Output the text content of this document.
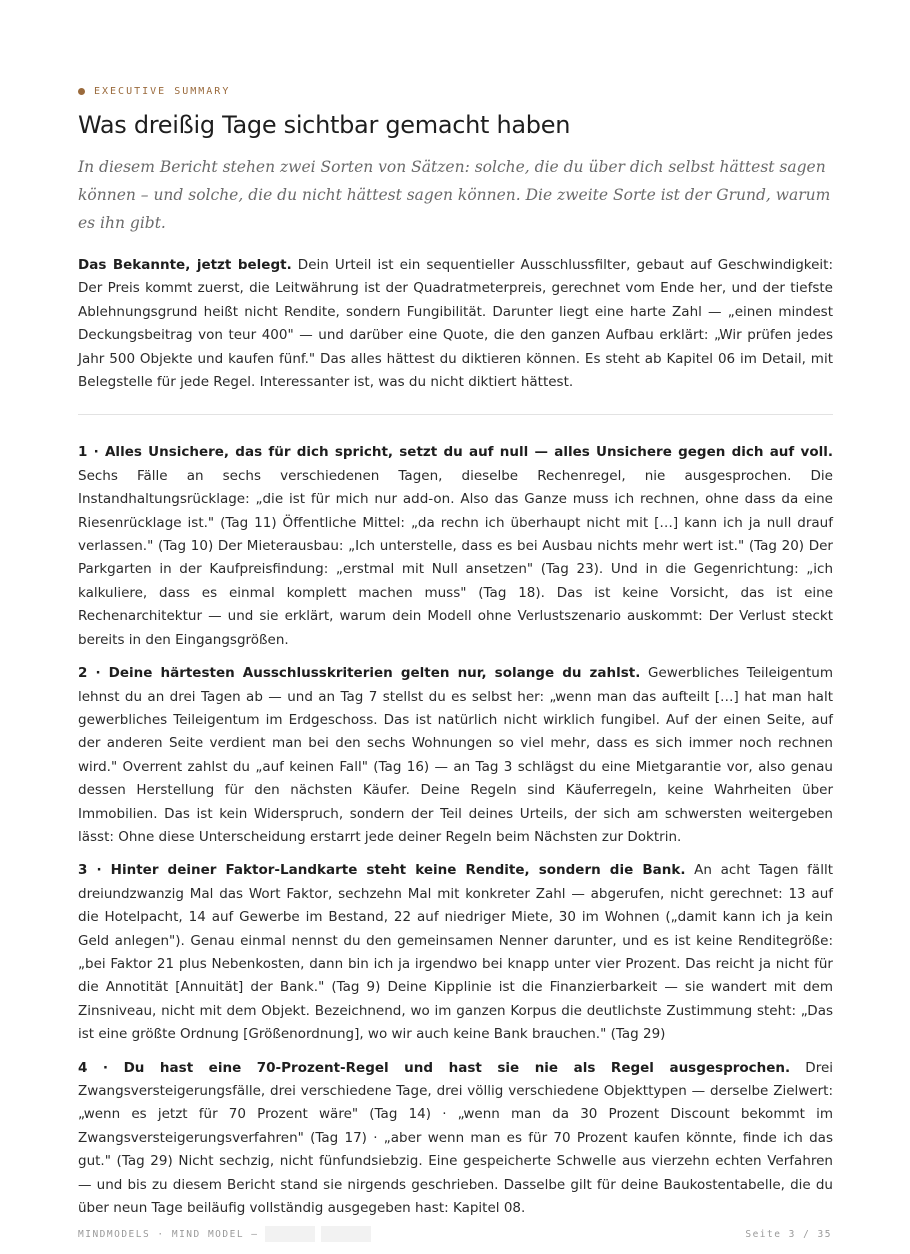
EXECUTIVE SUMMARY
Was dreißig Tage sichtbar gemacht haben

In diesem Bericht stehen zwei Sorten von Sätzen: solche, die du über dich selbst hättest sagen können – und solche, die du nicht hättest sagen können. Die zweite Sorte ist der Grund, warum es ihn gibt.

Das Bekannte, jetzt belegt. Dein Urteil ist ein sequentieller Ausschlussfilter, gebaut auf Geschwindigkeit: Der Preis kommt zuerst, die Leitwährung ist der Quadratmeterpreis, gerechnet vom Ende her, und der tiefste Ablehnungsgrund heißt nicht Rendite, sondern Fungibilität. Darunter liegt eine harte Zahl — „einen mindest Deckungsbeitrag von teur 400" — und darüber eine Quote, die den ganzen Aufbau erklärt: „Wir prüfen jedes Jahr 500 Objekte und kaufen fünf." Das alles hättest du diktieren können. Es steht ab Kapitel 06 im Detail, mit Belegstelle für jede Regel. Interessanter ist, was du nicht diktiert hättest.

1 · Alles Unsichere, das für dich spricht, setzt du auf null — alles Unsichere gegen dich auf voll. Sechs Fälle an sechs verschiedenen Tagen, dieselbe Rechenregel, nie ausgesprochen. Die Instandhaltungsrücklage: „die ist für mich nur add-on. Also das Ganze muss ich rechnen, ohne dass da eine Riesenrücklage ist." (Tag 11) Öffentliche Mittel: „da rechn ich überhaupt nicht mit […] kann ich ja null drauf verlassen." (Tag 10) Der Mieterausbau: „Ich unterstelle, dass es bei Ausbau nichts mehr wert ist." (Tag 20) Der Parkgarten in der Kaufpreisfindung: „erstmal mit Null ansetzen" (Tag 23). Und in die Gegenrichtung: „ich kalkuliere, dass es einmal komplett machen muss" (Tag 18). Das ist keine Vorsicht, das ist eine Rechenarchitektur — und sie erklärt, warum dein Modell ohne Verlustszenario auskommt: Der Verlust steckt bereits in den Eingangsgrößen.

2 · Deine härtesten Ausschlusskriterien gelten nur, solange du zahlst. Gewerbliches Teileigentum lehnst du an drei Tagen ab — und an Tag 7 stellst du es selbst her: „wenn man das aufteilt […] hat man halt gewerbliches Teileigentum im Erdgeschoss. Das ist natürlich nicht wirklich fungibel. Auf der einen Seite, auf der anderen Seite verdient man bei den sechs Wohnungen so viel mehr, dass es sich immer noch rechnen wird." Overrent zahlst du „auf keinen Fall" (Tag 16) — an Tag 3 schlägst du eine Mietgarantie vor, also genau dessen Herstellung für den nächsten Käufer. Deine Regeln sind Käuferregeln, keine Wahrheiten über Immobilien. Das ist kein Widerspruch, sondern der Teil deines Urteils, der sich am schwersten weitergeben lässt: Ohne diese Unterscheidung erstarrt jede deiner Regeln beim Nächsten zur Doktrin.

3 · Hinter deiner Faktor-Landkarte steht keine Rendite, sondern die Bank. An acht Tagen fällt dreiundzwanzig Mal das Wort Faktor, sechzehn Mal mit konkreter Zahl — abgerufen, nicht gerechnet: 13 auf die Hotelpacht, 14 auf Gewerbe im Bestand, 22 auf niedriger Miete, 30 im Wohnen („damit kann ich ja kein Geld anlegen"). Genau einmal nennst du den gemeinsamen Nenner darunter, und es ist keine Renditegröße: „bei Faktor 21 plus Nebenkosten, dann bin ich ja irgendwo bei knapp unter vier Prozent. Das reicht ja nicht für die Annotität [Annuität] der Bank." (Tag 9) Deine Kipplinie ist die Finanzierbarkeit — sie wandert mit dem Zinsniveau, nicht mit dem Objekt. Bezeichnend, wo im ganzen Korpus die deutlichste Zustimmung steht: „Das ist eine größte Ordnung [Größenordnung], wo wir auch keine Bank brauchen." (Tag 29)

4 · Du hast eine 70-Prozent-Regel und hast sie nie als Regel ausgesprochen. Drei Zwangsversteigerungsfälle, drei verschiedene Tage, drei völlig verschiedene Objekttypen — derselbe Zielwert: „wenn es jetzt für 70 Prozent wäre" (Tag 14) · „wenn man da 30 Prozent Discount bekommt im Zwangsversteigerungsverfahren" (Tag 17) · „aber wenn man es für 70 Prozent kaufen könnte, finde ich das gut." (Tag 29) Nicht sechzig, nicht fünfundsiebzig. Eine gespeicherte Schwelle aus vierzehn echten Verfahren — und bis zu diesem Bericht stand sie nirgends geschrieben. Dasselbe gilt für deine Baukostentabelle, die du über neun Tage beiläufig vollständig ausgegeben hast: Kapitel 08.

MINDMODELS · MIND MODEL —	Seite 3 / 35
